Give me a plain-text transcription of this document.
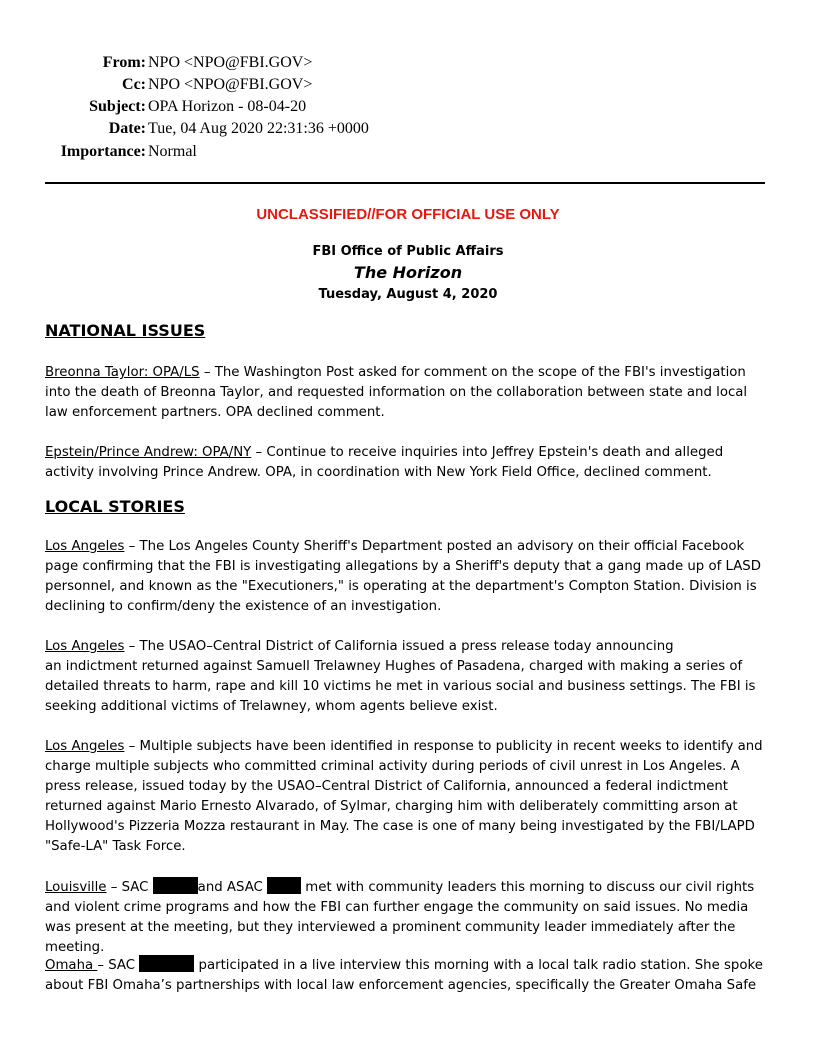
From: NPO <NPO@FBI.GOV>
Cc: NPO <NPO@FBI.GOV>
Subject: OPA Horizon - 08-04-20
Date: Tue, 04 Aug 2020 22:31:36 +0000
Importance: Normal
UNCLASSIFIED//FOR OFFICIAL USE ONLY
FBI Office of Public Affairs
The Horizon
Tuesday, August 4, 2020
NATIONAL ISSUES
Breonna Taylor: OPA/LS – The Washington Post asked for comment on the scope of the FBI's investigation into the death of Breonna Taylor, and requested information on the collaboration between state and local law enforcement partners. OPA declined comment.
Epstein/Prince Andrew: OPA/NY – Continue to receive inquiries into Jeffrey Epstein's death and alleged activity involving Prince Andrew. OPA, in coordination with New York Field Office, declined comment.
LOCAL STORIES
Los Angeles – The Los Angeles County Sheriff's Department posted an advisory on their official Facebook page confirming that the FBI is investigating allegations by a Sheriff's deputy that a gang made up of LASD personnel, and known as the "Executioners," is operating at the department's Compton Station. Division is declining to confirm/deny the existence of an investigation.
Los Angeles – The USAO–Central District of California issued a press release today announcing
an indictment returned against Samuell Trelawney Hughes of Pasadena, charged with making a series of detailed threats to harm, rape and kill 10 victims he met in various social and business settings. The FBI is seeking additional victims of Trelawney, whom agents believe exist.
Los Angeles – Multiple subjects have been identified in response to publicity in recent weeks to identify and charge multiple subjects who committed criminal activity during periods of civil unrest in Los Angeles. A
press release, issued today by the USAO–Central District of California, announced a federal indictment returned against Mario Ernesto Alvarado, of Sylmar, charging him with deliberately committing arson at Hollywood's Pizzeria Mozza restaurant in May. The case is one of many being investigated by the FBI/LAPD "Safe-LA" Task Force.
Louisville – SAC	and ASAC	met with community leaders this morning to discuss our civil rights and violent crime programs and how the FBI can further engage the community on said issues. No media was present at the meeting, but they interviewed a prominent community leader immediately after the meeting.
Omaha – SAC	participated in a live interview this morning with a local talk radio station. She spoke about FBI Omaha’s partnerships with local law enforcement agencies, specifically the Greater Omaha Safe
